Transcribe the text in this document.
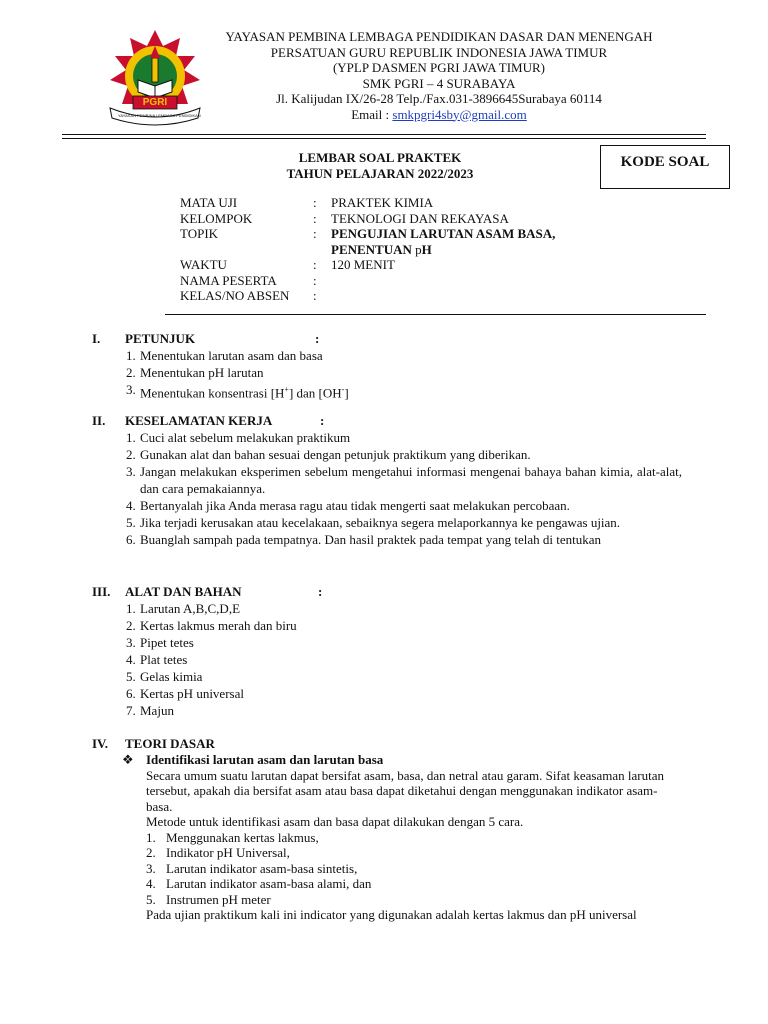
PGRI
YAYASAN PEMBINA LEMBAGA PENDIDIKAN
YAYASAN PEMBINA LEMBAGA PENDIDIKAN DASAR DAN MENENGAH
PERSATUAN GURU REPUBLIK INDONESIA JAWA TIMUR
(YPLP DASMEN PGRI JAWA TIMUR)
SMK PGRI – 4 SURABAYA
Jl. Kalijudan IX/26-28 Telp./Fax.031-3896645Surabaya 60114
Email : smkpgri4sby@gmail.com
LEMBAR SOAL PRAKTEK
TAHUN PELAJARAN 2022/2023
KODE SOAL
MATA UJI	:	PRAKTEK KIMIA
KELOMPOK	:	TEKNOLOGI DAN REKAYASA
TOPIK	:	PENGUJIAN LARUTAN ASAM BASA,
PENENTUAN pH
WAKTU	:	120 MENIT
NAMA PESERTA	:
KELAS/NO ABSEN	:
I.	PETUNJUK	:
1. Menentukan larutan asam dan basa
2. Menentukan pH larutan
3. Menentukan konsentrasi [H+] dan [OH-]
II.	KESELAMATAN KERJA	:
1. Cuci alat sebelum melakukan praktikum
2. Gunakan alat dan bahan sesuai dengan petunjuk praktikum yang diberikan.
3. Jangan melakukan eksperimen sebelum mengetahui informasi mengenai bahaya bahan kimia, alat-alat, dan cara pemakaiannya.
4. Bertanyalah jika Anda merasa ragu atau tidak mengerti saat melakukan percobaan.
5. Jika terjadi kerusakan atau kecelakaan, sebaiknya segera melaporkannya ke pengawas ujian.
6. Buanglah sampah pada tempatnya. Dan hasil praktek pada tempat yang telah di tentukan
III.	ALAT DAN BAHAN	:
1. Larutan A,B,C,D,E
2. Kertas lakmus merah dan biru
3. Pipet tetes
4. Plat tetes
5. Gelas kimia
6. Kertas pH universal
7. Majun
IV.	TEORI DASAR
❖ Identifikasi larutan asam dan larutan basa
Secara umum suatu larutan dapat bersifat asam, basa, dan netral atau garam. Sifat keasaman larutan tersebut, apakah dia bersifat asam atau basa dapat diketahui dengan menggunakan indikator asam-basa.
Metode untuk identifikasi asam dan basa dapat dilakukan dengan 5 cara.
1. Menggunakan kertas lakmus,
2. Indikator pH Universal,
3. Larutan indikator asam-basa sintetis,
4. Larutan indikator asam-basa alami, dan
5. Instrumen pH meter
Pada ujian praktikum kali ini indicator yang digunakan adalah kertas lakmus dan pH universal
